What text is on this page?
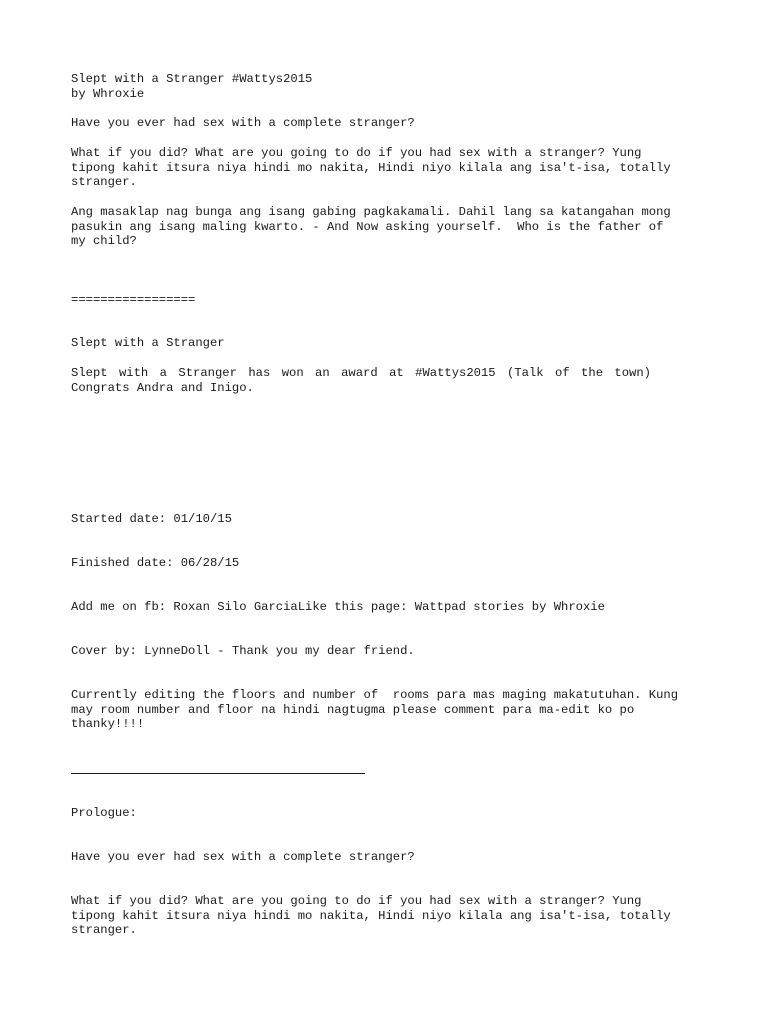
Slept with a Stranger #Wattys2015

by Whroxie

Have you ever had sex with a complete stranger?

What if you did? What are you going to do if you had sex with a stranger? Yung
tipong kahit itsura niya hindi mo nakita, Hindi niyo kilala ang isa't-isa, totally
stranger.

Ang masaklap nag bunga ang isang gabing pagkakamali. Dahil lang sa katangahan mong
pasukin ang isang maling kwarto. - And Now asking yourself.  Who is the father of
my child?

=================

Slept with a Stranger

Slept with a Stranger has won an award at #Wattys2015 (Talk of the town) Congrats Andra and Inigo.

Started date: 01/10/15

Finished date: 06/28/15

Add me on fb: Roxan Silo GarciaLike this page: Wattpad stories by Whroxie

Cover by: LynneDoll - Thank you my dear friend.

Currently editing the floors and number of  rooms para mas maging makatutuhan. Kung
may room number and floor na hindi nagtugma please comment para ma-edit ko po
thanky!!!!

Prologue:

Have you ever had sex with a complete stranger?

What if you did? What are you going to do if you had sex with a stranger? Yung
tipong kahit itsura niya hindi mo nakita, Hindi niyo kilala ang isa't-isa, totally
stranger.
